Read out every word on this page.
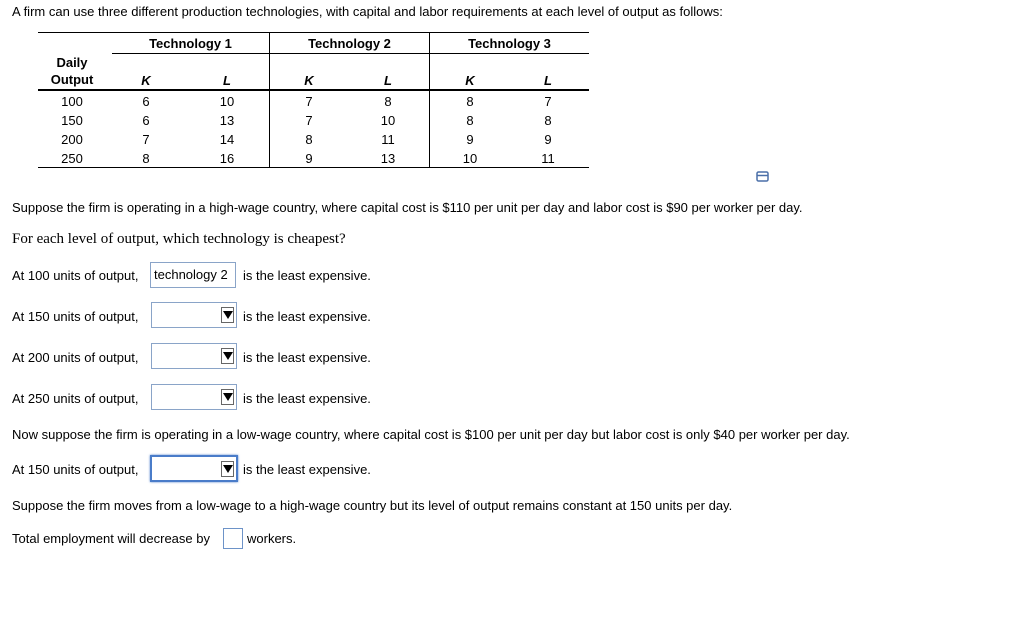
A firm can use three different production technologies, with capital and labor requirements at each level of output as follows:
Technology 1	Technology 2	Technology 3
Daily
Output	K	L	K	L	K	L
100	6	10	7	8	8	7
150	6	13	7	10	8	8
200	7	14	8	11	9	9
250	8	16	9	13	10	11
Suppose the firm is operating in a high-wage country, where capital cost is $110 per unit per day and labor cost is $90 per worker per day.
For each level of output, which technology is cheapest?
At 100 units of output,	technology 2	is the least expensive.
At 150 units of output,	is the least expensive.
At 200 units of output,	is the least expensive.
At 250 units of output,	is the least expensive.
Now suppose the firm is operating in a low-wage country, where capital cost is $100 per unit per day but labor cost is only $40 per worker per day.
At 150 units of output,	is the least expensive.
Suppose the firm moves from a low-wage to a high-wage country but its level of output remains constant at 150 units per day.
Total employment will decrease by	workers.
